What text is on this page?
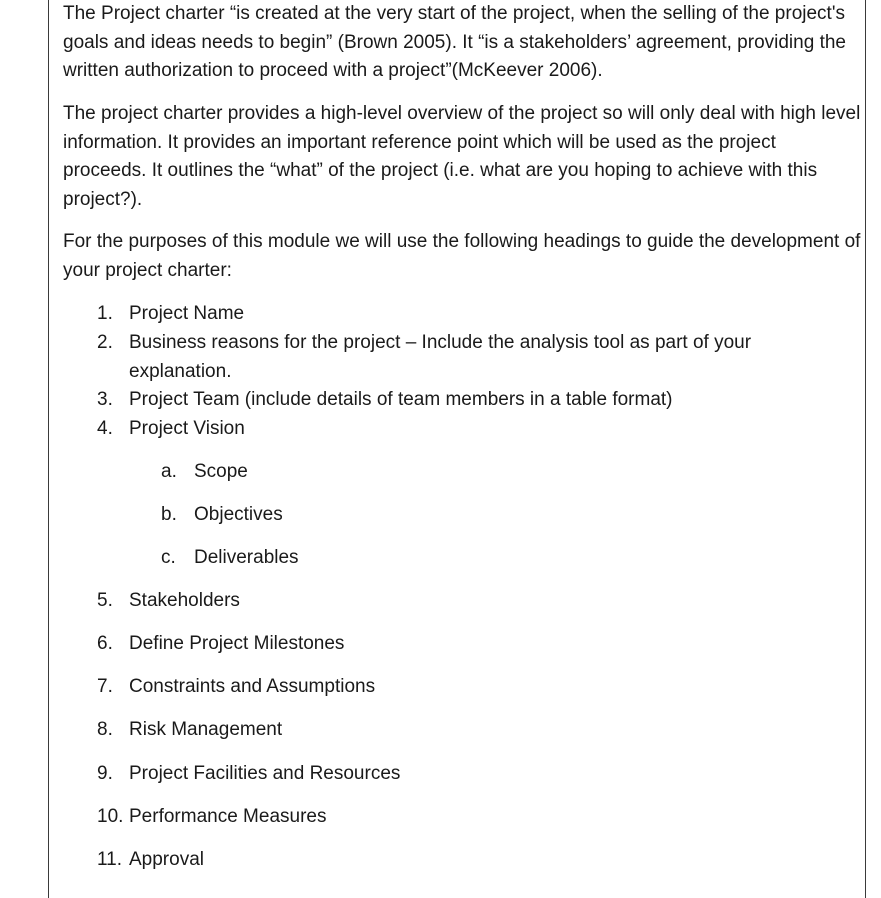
The Project charter “is created at the very start of the project, when the selling of the project's goals and ideas needs to begin” (Brown 2005). It “is a stakeholders’ agreement, providing the written authorization to proceed with a project”(McKeever 2006).

The project charter provides a high-level overview of the project so will only deal with high level information. It provides an important reference point which will be used as the project proceeds. It outlines the “what” of the project (i.e. what are you hoping to achieve with this project?).

For the purposes of this module we will use the following headings to guide the development of your project charter:

1. Project Name
2. Business reasons for the project – Include the analysis tool as part of your explanation.
3. Project Team (include details of team members in a table format)
4. Project Vision
a. Scope
b. Objectives
c. Deliverables
5. Stakeholders
6. Define Project Milestones
7. Constraints and Assumptions
8. Risk Management
9. Project Facilities and Resources
10. Performance Measures
11. Approval
